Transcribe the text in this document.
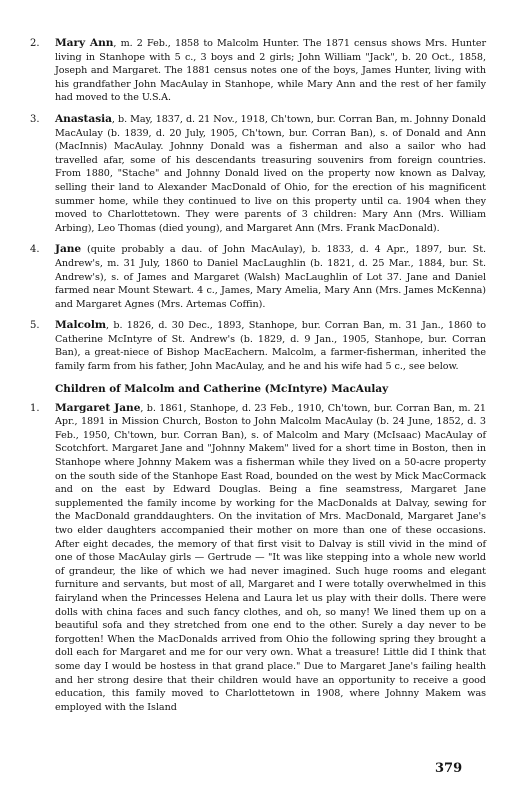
2. Mary Ann, m. 2 Feb., 1858 to Malcolm Hunter. The 1871 census shows Mrs. Hunter living in Stanhope with 5 c., 3 boys and 2 girls; John William "Jack", b. 20 Oct., 1858, Joseph and Margaret. The 1881 census notes one of the boys, James Hunter, living with his grandfather John MacAulay in Stanhope, while Mary Ann and the rest of her family had moved to the U.S.A.
3. Anastasia, b. May, 1837, d. 21 Nov., 1918, Ch'town, bur. Corran Ban, m. Johnny Donald MacAulay (b. 1839, d. 20 July, 1905, Ch'town, bur. Corran Ban), s. of Donald and Ann (MacInnis) MacAulay. Johnny Donald was a fisherman and also a sailor who had travelled afar, some of his descendants treasuring souvenirs from foreign countries. From 1880, "Stache" and Johnny Donald lived on the property now known as Dalvay, selling their land to Alexander MacDonald of Ohio, for the erection of his magnificent summer home, while they continued to live on this property until ca. 1904 when they moved to Charlottetown. They were parents of 3 children: Mary Ann (Mrs. William Arbing), Leo Thomas (died young), and Margaret Ann (Mrs. Frank MacDonald).
4. Jane (quite probably a dau. of John MacAulay), b. 1833, d. 4 Apr., 1897, bur. St. Andrew's, m. 31 July, 1860 to Daniel MacLaughlin (b. 1821, d. 25 Mar., 1884, bur. St. Andrew's), s. of James and Margaret (Walsh) MacLaughlin of Lot 37. Jane and Daniel farmed near Mount Stewart. 4 c., James, Mary Amelia, Mary Ann (Mrs. James McKenna) and Margaret Agnes (Mrs. Artemas Coffin).
5. Malcolm, b. 1826, d. 30 Dec., 1893, Stanhope, bur. Corran Ban, m. 31 Jan., 1860 to Catherine McIntyre of St. Andrew's (b. 1829, d. 9 Jan., 1905, Stanhope, bur. Corran Ban), a great-niece of Bishop MacEachern. Malcolm, a farmer-fisherman, inherited the family farm from his father, John MacAulay, and he and his wife had 5 c., see below.
Children of Malcolm and Catherine (McIntyre) MacAulay
1. Margaret Jane, b. 1861, Stanhope, d. 23 Feb., 1910, Ch'town, bur. Corran Ban, m. 21 Apr., 1891 in Mission Church, Boston to John Malcolm MacAulay (b. 24 June, 1852, d. 3 Feb., 1950, Ch'town, bur. Corran Ban), s. of Malcolm and Mary (McIsaac) MacAulay of Scotchfort. Margaret Jane and "Johnny Makem" lived for a short time in Boston, then in Stanhope where Johnny Makem was a fisherman while they lived on a 50-acre property on the south side of the Stanhope East Road, bounded on the west by Mick MacCormack and on the east by Edward Douglas. Being a fine seamstress, Margaret Jane supplemented the family income by working for the MacDonalds at Dalvay, sewing for the MacDonald granddaughters. On the invitation of Mrs. MacDonald, Margaret Jane's two elder daughters accompanied their mother on more than one of these occasions. After eight decades, the memory of that first visit to Dalvay is still vivid in the mind of one of those MacAulay girls — Gertrude — "It was like stepping into a whole new world of grandeur, the like of which we had never imagined. Such huge rooms and elegant furniture and servants, but most of all, Margaret and I were totally overwhelmed in this fairyland when the Princesses Helena and Laura let us play with their dolls. There were dolls with china faces and such fancy clothes, and oh, so many! We lined them up on a beautiful sofa and they stretched from one end to the other. Surely a day never to be forgotten! When the MacDonalds arrived from Ohio the following spring they brought a doll each for Margaret and me for our very own. What a treasure! Little did I think that some day I would be hostess in that grand place." Due to Margaret Jane's failing health and her strong desire that their children would have an opportunity to receive a good education, this family moved to Charlottetown in 1908, where Johnny Makem was employed with the Island
379
